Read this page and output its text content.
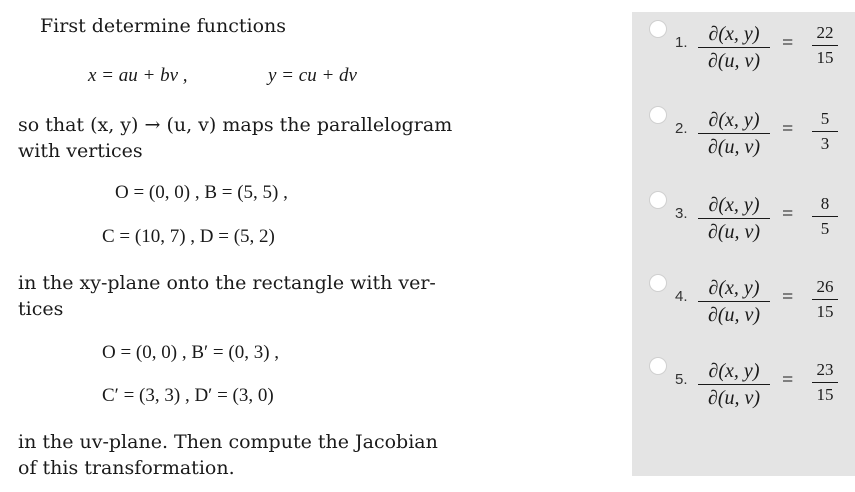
First determine functions
x = au + bv ,	y = cu + dv
so that (x, y) → (u, v) maps the parallelogram
with vertices
O = (0, 0) , B = (5, 5) ,
C = (10, 7) , D = (5, 2)
in the xy-plane onto the rectangle with ver-
tices
O = (0, 0) , B′ = (0, 3) ,
C′ = (3, 3) , D′ = (3, 0)
in the uv-plane. Then compute the Jacobian
of this transformation.
1. ∂(x, y)
∂(u, v)
= 22
15
2. ∂(x, y)
∂(u, v)
= 5
3
3. ∂(x, y)
∂(u, v)
= 8
5
4. ∂(x, y)
∂(u, v)
= 26
15
5. ∂(x, y)
∂(u, v)
= 23
15
